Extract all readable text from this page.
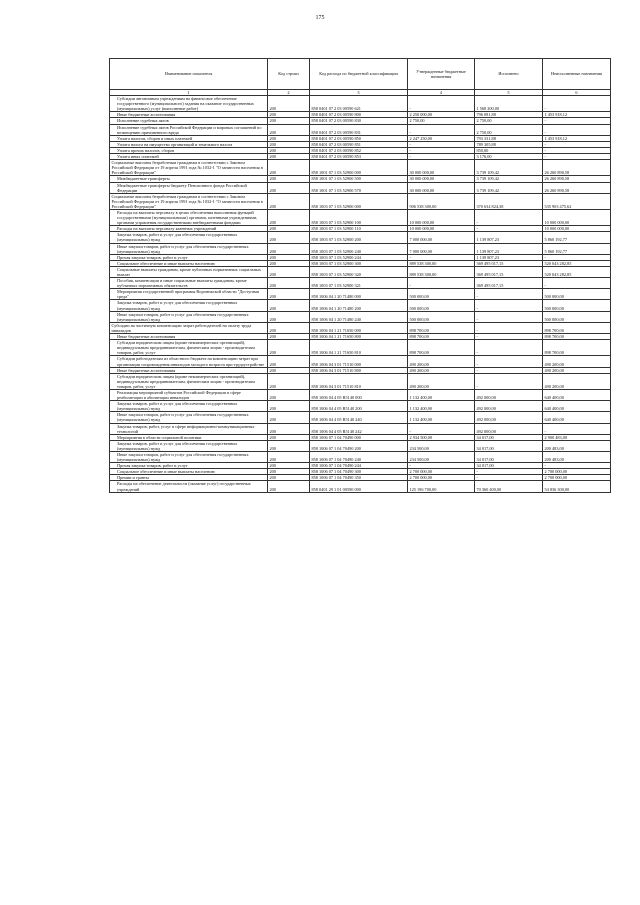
175
Наименование показателя	Код строки	Код расхода по бюджетной классификации	Утвержденные бюджетные назначения	Исполнено	Неисполненные назначения
1	2	3	4	5	6
Субсидии автономным учреждениям на финансовое обеспечение государственного (муниципального) задания на оказание государственных (муниципальных) услуг (выполнение работ)	200	858 0401 07 2 03 00590 621	-	1 568 200,00	-
Иные бюджетные ассигнования	200	858 0401 07 2 03 00590 800	2 250 000,00	796 081,88	1 453 918,12
Исполнение судебных актов	200	858 0401 07 2 03 00590 830	2 750,00	2 750,00	-
Исполнение судебных актов Российской Федерации и мировых соглашений по возмещению причиненного вреда	200	858 0401 07 2 03 00590 831	-	2 750,00	-
Уплата налогов, сборов и иных платежей	200	858 0401 07 2 03 00590 850	2 247 250,00	793 331,88	1 453 918,12
Уплата налога на имущество организаций и земельного налога	200	858 0401 07 2 03 00590 851	-	789 305,88	-
Уплата прочих налогов, сборов	200	858 0401 07 2 03 00590 852	-	850,00	-
Уплата иных платежей	200	858 0401 07 2 03 00590 853	-	3 176,00	-
Социальные выплаты безработным гражданам в соответствии с Законом Российской Федерации от 19 апреля 1991 года № 1032-1 "О занятости населения в Российской Федерации"	200	858 1001 07 1 03 52900 000	30 000 000,00	3 739 109,42	26 260 890,58
Межбюджетные трансферты	200	858 1001 07 1 03 52900 500	30 000 000,00	3 739 109,42	26 260 890,58
Межбюджетные трансферты бюджету Пенсионного фонда Российской Федерации	200	858 1001 07 1 03 52900 570	30 000 000,00	3 739 109,42	26 260 890,58
Социальные выплаты безработным гражданам в соответствии с Законом Российской Федерации от 19 апреля 1991 года № 1032-1 "О занятости населения в Российской Федерации"	200	858 1003 07 1 03 52900 000	906 538 300,00	370 634 824,38	535 903 475,62
Расходы на выплаты персоналу в целях обеспечения выполнения функций государственными (муниципальными) органами, казенными учреждениями, органами управления государственными внебюджетными фондами	200	858 1003 07 1 03 52900 100	10 000 000,00	-	10 000 000,00
Расходы на выплаты персоналу казенных учреждений	200	858 1003 07 1 03 52900 110	10 000 000,00	-	10 000 000,00
Закупка товаров, работ и услуг для обеспечения государственных (муниципальных) нужд	200	858 1003 07 1 03 52900 200	7 000 000,00	1 139 807,23	5 860 192,77
Иные закупки товаров, работ и услуг для обеспечения государственных (муниципальных) нужд	200	858 1003 07 1 03 52900 240	7 000 000,00	1 139 807,23	5 860 192,77
Прочая закупка товаров, работ и услуг	200	858 1003 07 1 03 52900 244	-	1 139 807,23	-
Социальное обеспечение и иные выплаты населению	200	858 1003 07 1 03 52900 300	889 538 300,00	369 495 017,15	520 043 282,85
Социальные выплаты гражданам, кроме публичных нормативных социальных выплат	200	858 1003 07 1 03 52900 320	889 538 300,00	369 495 017,15	520 043 282,85
Пособия, компенсации и иные социальные выплаты гражданам, кроме публичных нормативных обязательств	200	858 1003 07 1 03 52900 321	-	369 495 017,15	-
Мероприятия государственной программы Воронежской области "Доступная среда"	200	858 1006 04 1 20 71480 000	500 000,00	-	500 000,00
Закупка товаров, работ и услуг для обеспечения государственных (муниципальных) нужд	200	858 1006 04 1 20 71480 200	500 000,00	-	500 000,00
Иные закупки товаров, работ и услуг для обеспечения государственных (муниципальных) нужд	200	858 1006 04 1 20 71480 240	500 000,00	-	500 000,00
Субсидии на частичную компенсацию затрат работодателей на оплату труда инвалидов	200	858 1006 04 1 21 71650 000	898 700,00	-	898 700,00
Иные бюджетные ассигнования	200	858 1006 04 1 21 71650 800	898 700,00	-	898 700,00
Субсидии юридическим лицам (кроме некоммерческих организаций), индивидуальным предпринимателям, физическим лицам - производителям товаров, работ, услуг	200	858 1006 04 1 21 71650 810	898 700,00	-	898 700,00
Субсидии работодателям из областного бюджета на компенсацию затрат при организации сопровождения инвалидов молодого возраста при трудоустройстве	200	858 1006 04 3 01 71510 000	490 200,00	-	490 200,00
Иные бюджетные ассигнования	200	858 1006 04 3 01 71510 800	490 200,00	-	490 200,00
Субсидии юридическим лицам (кроме некоммерческих организаций), индивидуальным предпринимателям, физическим лицам - производителям товаров, работ, услуг	200	858 1006 04 3 01 71510 810	490 200,00	-	490 200,00
Реализация мероприятий субъектов Российской Федерации в сфере реабилитации и абилитации инвалидов	200	858 1006 04 4 05 R5140 000	1 132 400,00	492 000,00	640 400,00
Закупка товаров, работ и услуг для обеспечения государственных (муниципальных) нужд	200	858 1006 04 4 05 R5140 200	1 132 400,00	492 000,00	640 400,00
Иные закупки товаров, работ и услуг для обеспечения государственных (муниципальных) нужд	200	858 1006 04 4 05 R5140 240	1 132 400,00	492 000,00	640 400,00
Закупка товаров, работ, услуг в сфере информационно-коммуникационных технологий	200	858 1006 04 4 05 R5140 242	-	492 000,00	-
Мероприятия в области социальной политики	200	858 1006 07 1 04 70490 000	2 934 500,00	34 017,00	2 900 483,00
Закупка товаров, работ и услуг для обеспечения государственных (муниципальных) нужд	200	858 1006 07 1 04 70490 200	234 500,00	34 017,00	200 483,00
Иные закупки товаров, работ и услуг для обеспечения государственных (муниципальных) нужд	200	858 1006 07 1 04 70490 240	234 500,00	34 017,00	200 483,00
Прочая закупка товаров, работ и услуг	200	858 1006 07 1 04 70490 244	-	34 017,00	-
Социальное обеспечение и иные выплаты населению	200	858 1006 07 1 04 70490 300	2 700 000,00	-	2 700 000,00
Премии и гранты	200	858 1006 07 1 04 70490 350	2 700 000,00	-	2 700 000,00
Расходы на обеспечение деятельности (оказание услуг) государственных учреждений	200	858 0401 29 1 01 00590 000	125 196 700,00	70 360 400,00	54 836 300,00
